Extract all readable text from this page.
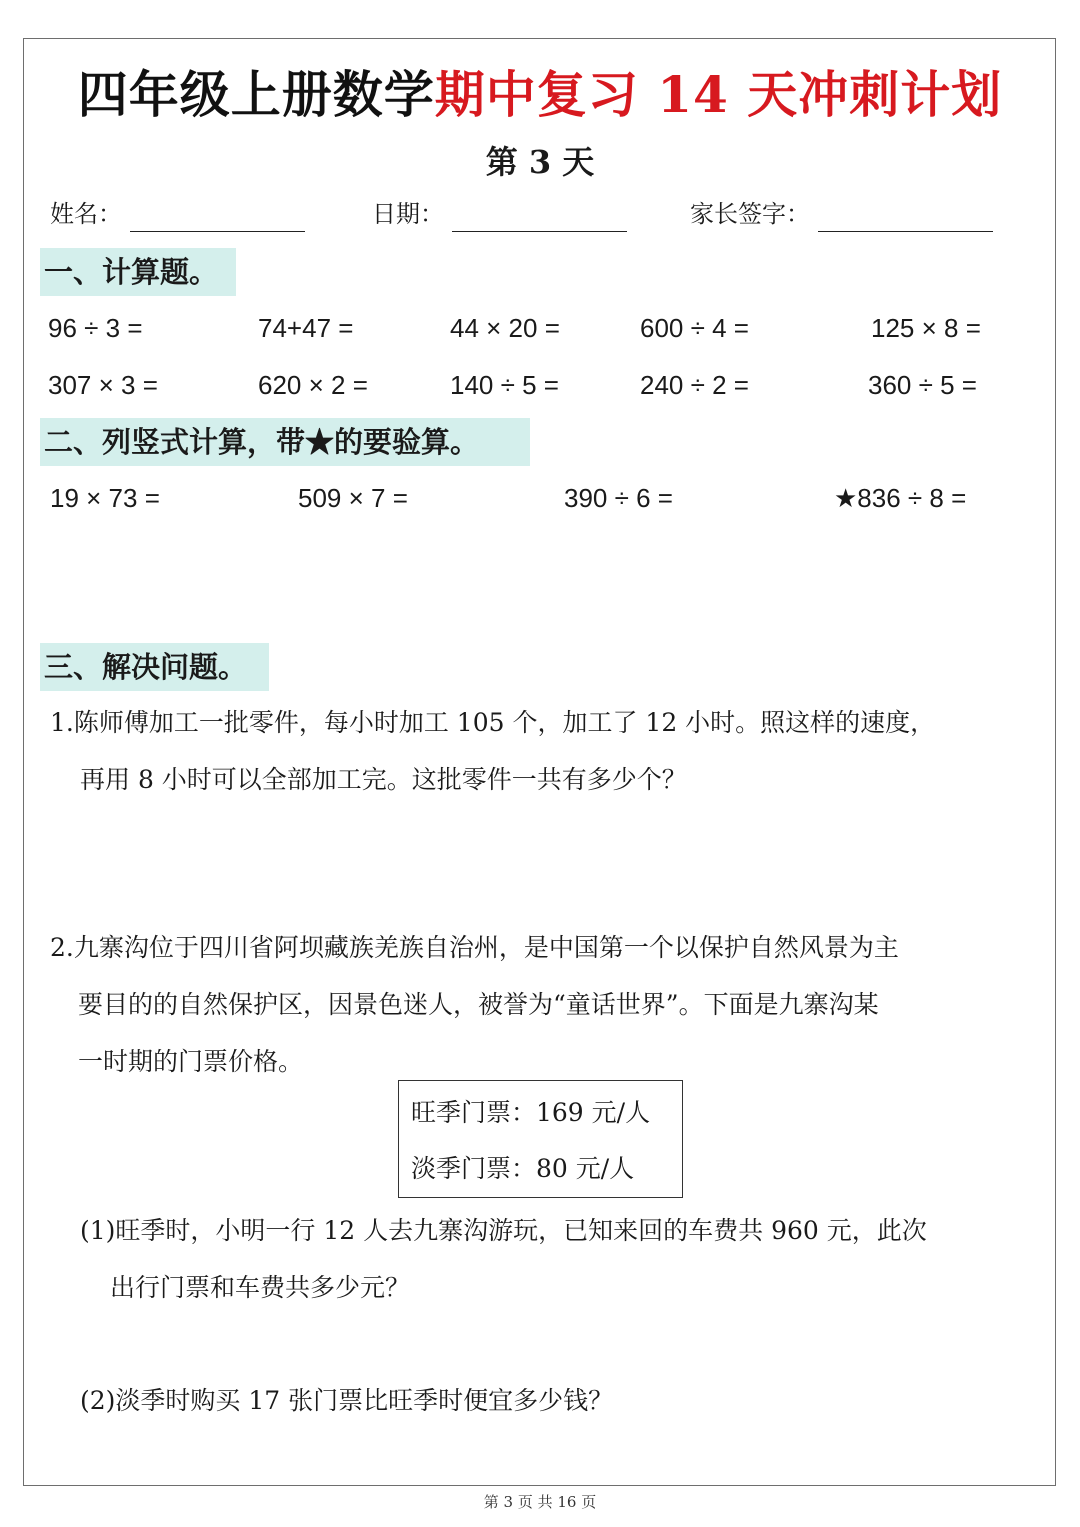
四年级上册数学期中复习 14 天冲刺计划
第 3 天
姓名：	日期：	家长签字：
一、计算题。
96 ÷ 3 =	74+47 =	44 × 20 =	600 ÷ 4 =	125 × 8 =
307 × 3 =	620 × 2 =	140 ÷ 5 =	240 ÷ 2 =	360 ÷ 5 =
二、列竖式计算，带★的要验算。
19 × 73 =	509 × 7 =	390 ÷ 6 =	★836 ÷ 8 =
三、解决问题。
1.陈师傅加工一批零件，每小时加工 105 个，加工了 12 小时。照这样的速度，
再用 8 小时可以全部加工完。这批零件一共有多少个？
2.九寨沟位于四川省阿坝藏族羌族自治州，是中国第一个以保护自然风景为主
要目的的自然保护区，因景色迷人，被誉为“童话世界”。下面是九寨沟某
一时期的门票价格。
旺季门票：169 元/人
淡季门票：80 元/人
(1)旺季时，小明一行 12 人去九寨沟游玩，已知来回的车费共 960 元，此次
出行门票和车费共多少元？
(2)淡季时购买 17 张门票比旺季时便宜多少钱？
第 3 页 共 16 页
